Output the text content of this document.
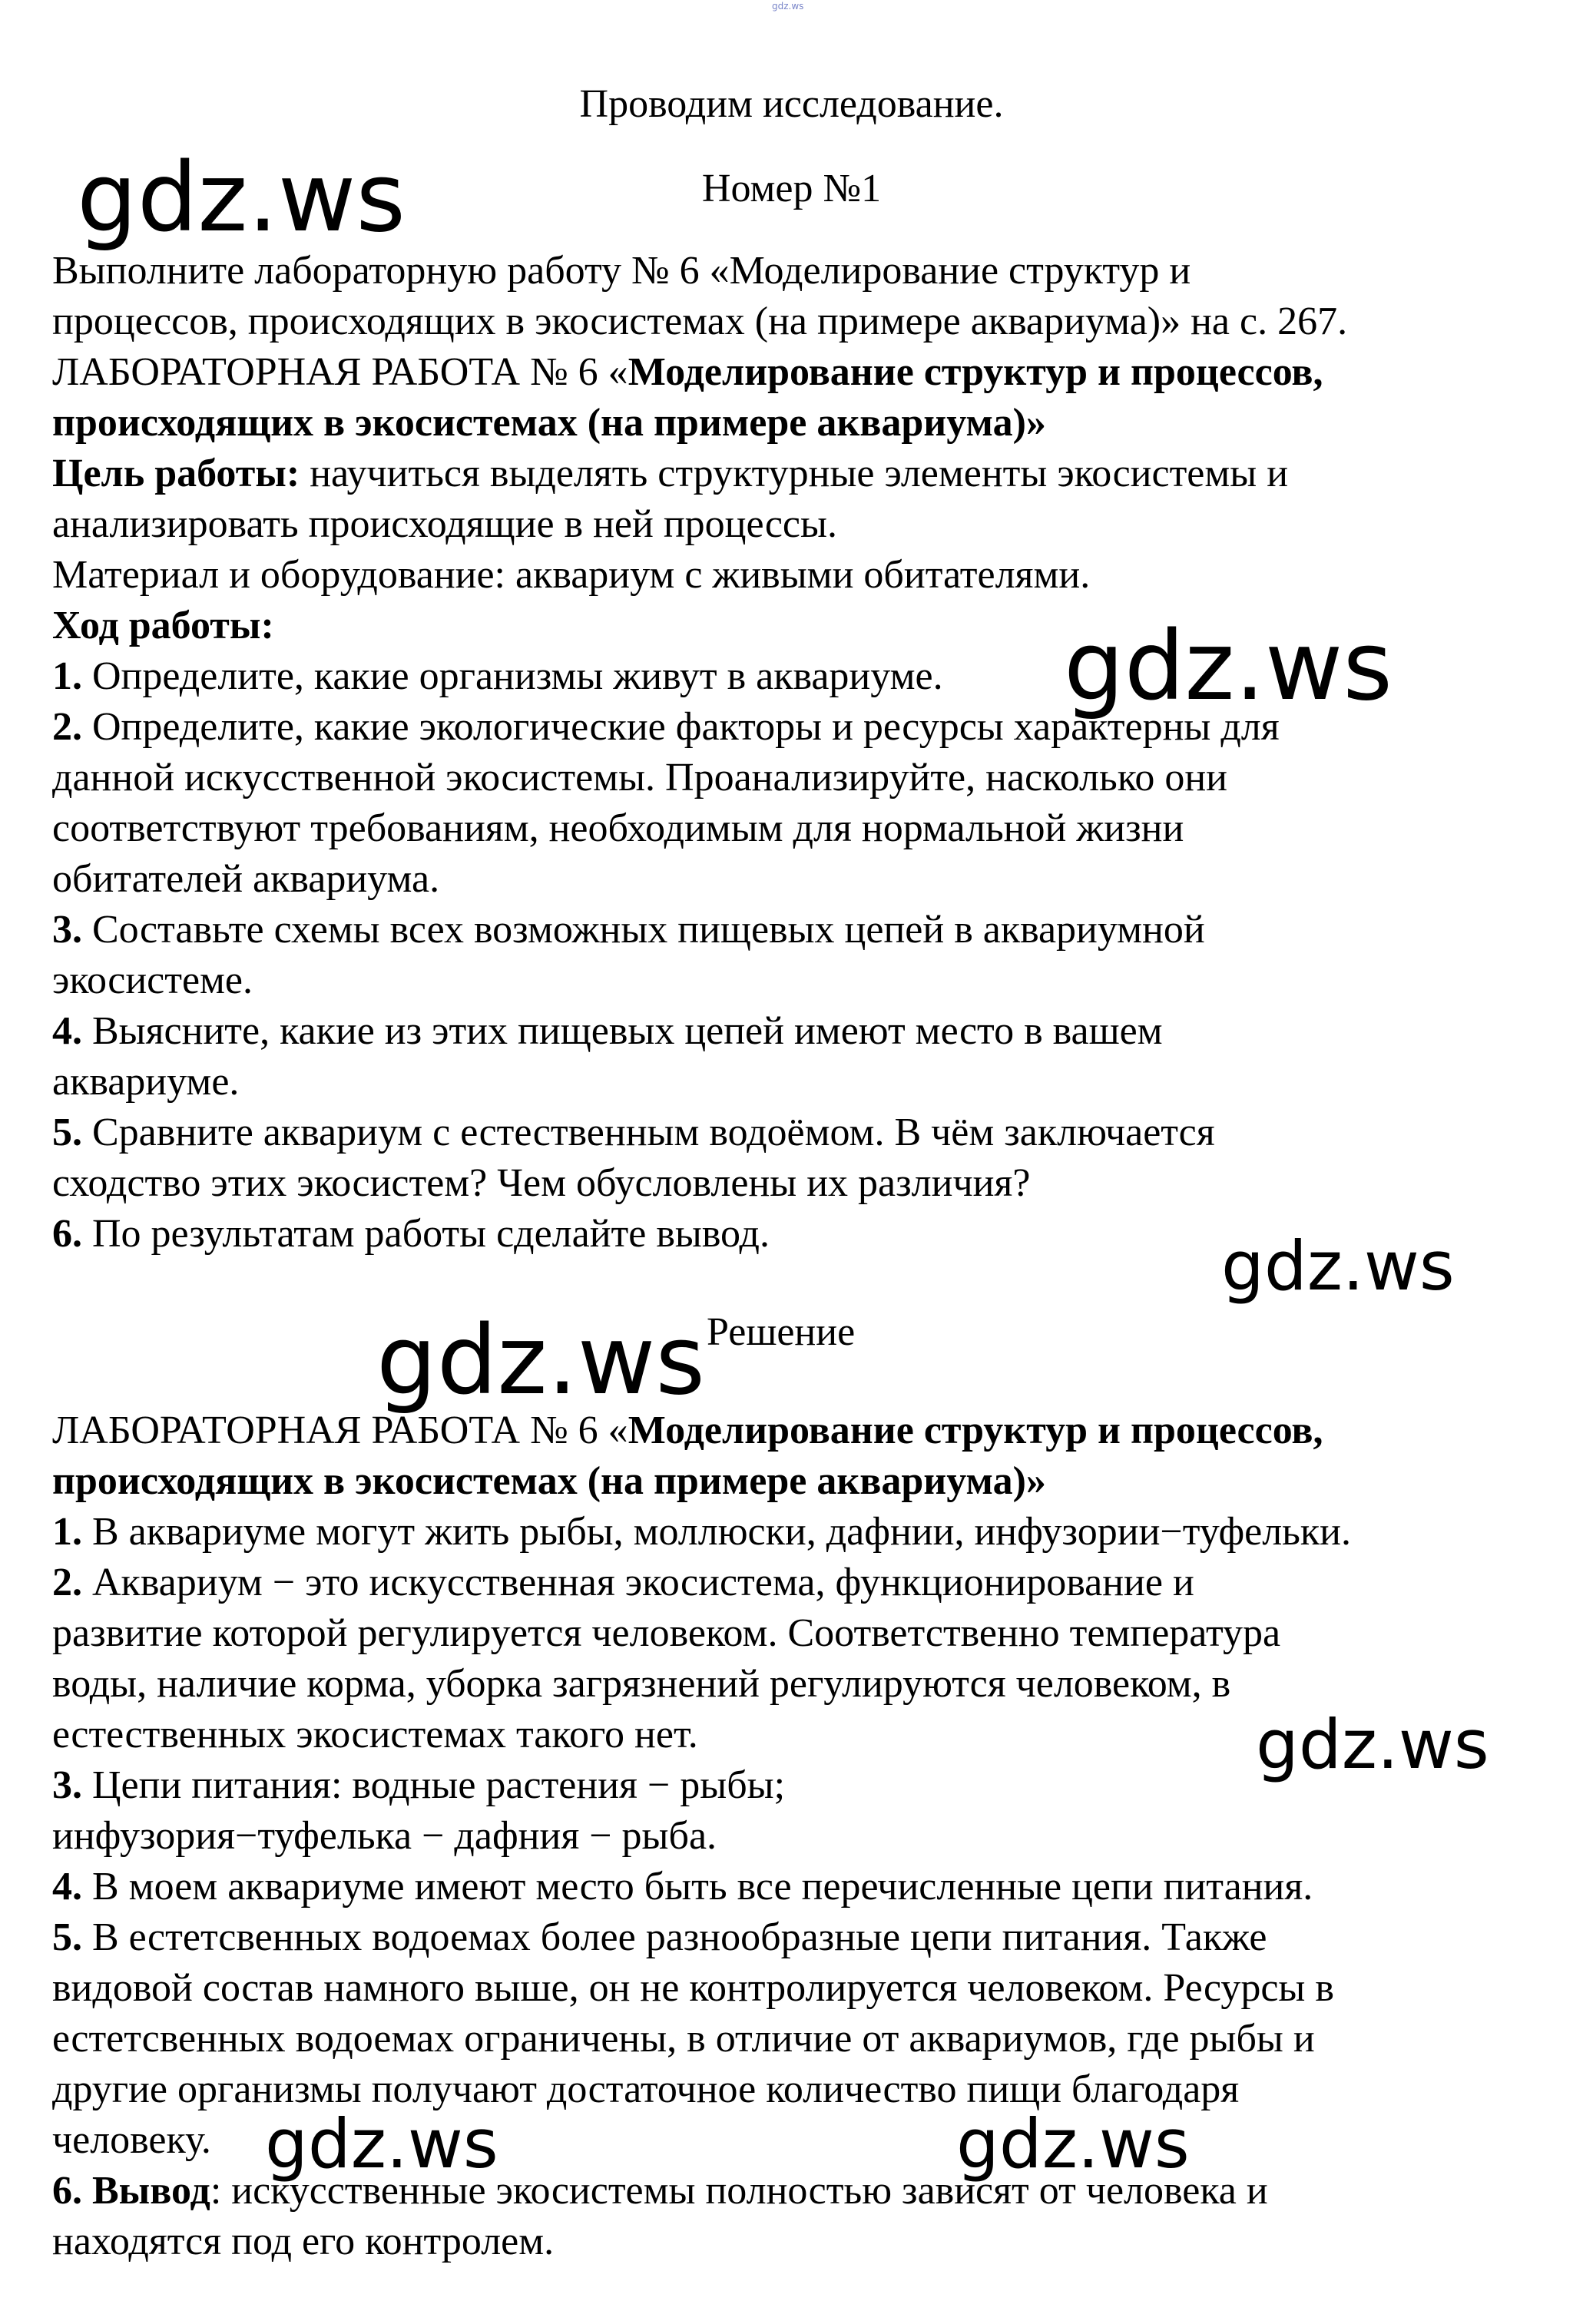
gdz.ws
Проводим исследование.
Номер №1
gdz.ws
Выполните лабораторную работу № 6 «Моделирование структур и
процессов, происходящих в экосистемах (на примере аквариума)» на с. 267.
ЛАБОРАТОРНАЯ РАБОТА № 6 «Моделирование структур и процессов,
происходящих в экосистемах (на примере аквариума)»
Цель работы: научиться выделять структурные элементы экосистемы и
анализировать происходящие в ней процессы.
Материал и оборудование: аквариум с живыми обитателями.
Ход работы:
1. Определите, какие организмы живут в аквариуме. gdz.ws
2. Определите, какие экологические факторы и ресурсы характерны для
данной искусственной экосистемы. Проанализируйте, насколько они
соответствуют требованиям, необходимым для нормальной жизни
обитателей аквариума.
3. Составьте схемы всех возможных пищевых цепей в аквариумной
экосистеме.
4. Выясните, какие из этих пищевых цепей имеют место в вашем
аквариуме.
5. Сравните аквариум с естественным водоёмом. В чём заключается
сходство этих экосистем? Чем обусловлены их различия?
6. По результатам работы сделайте вывод.	gdz.ws
gdz.ws Решение
ЛАБОРАТОРНАЯ РАБОТА № 6 «Моделирование структур и процессов,
происходящих в экосистемах (на примере аквариума)»
1. В аквариуме могут жить рыбы, моллюски, дафнии, инфузории−туфельки.
2. Аквариум − это искусственная экосистема, функционирование и
развитие которой регулируется человеком. Соответственно температура
воды, наличие корма, уборка загрязнений регулируются человеком, в
естественных экосистемах такого нет.	gdz.ws
3. Цепи питания: водные растения − рыбы;
инфузория−туфелька − дафния − рыба.
4. В моем аквариуме имеют место быть все перечисленные цепи питания.
5. В естетсвенных водоемах более разнообразные цепи питания. Также
видовой состав намного выше, он не контролируется человеком. Ресурсы в
естетсвенных водоемах ограничены, в отличие от аквариумов, где рыбы и
другие организмы получают достаточное количество пищи благодаря
человеку. gdz.ws	gdz.ws
6. Вывод: искусственные экосистемы полностью зависят от человека и
находятся под его контролем.
